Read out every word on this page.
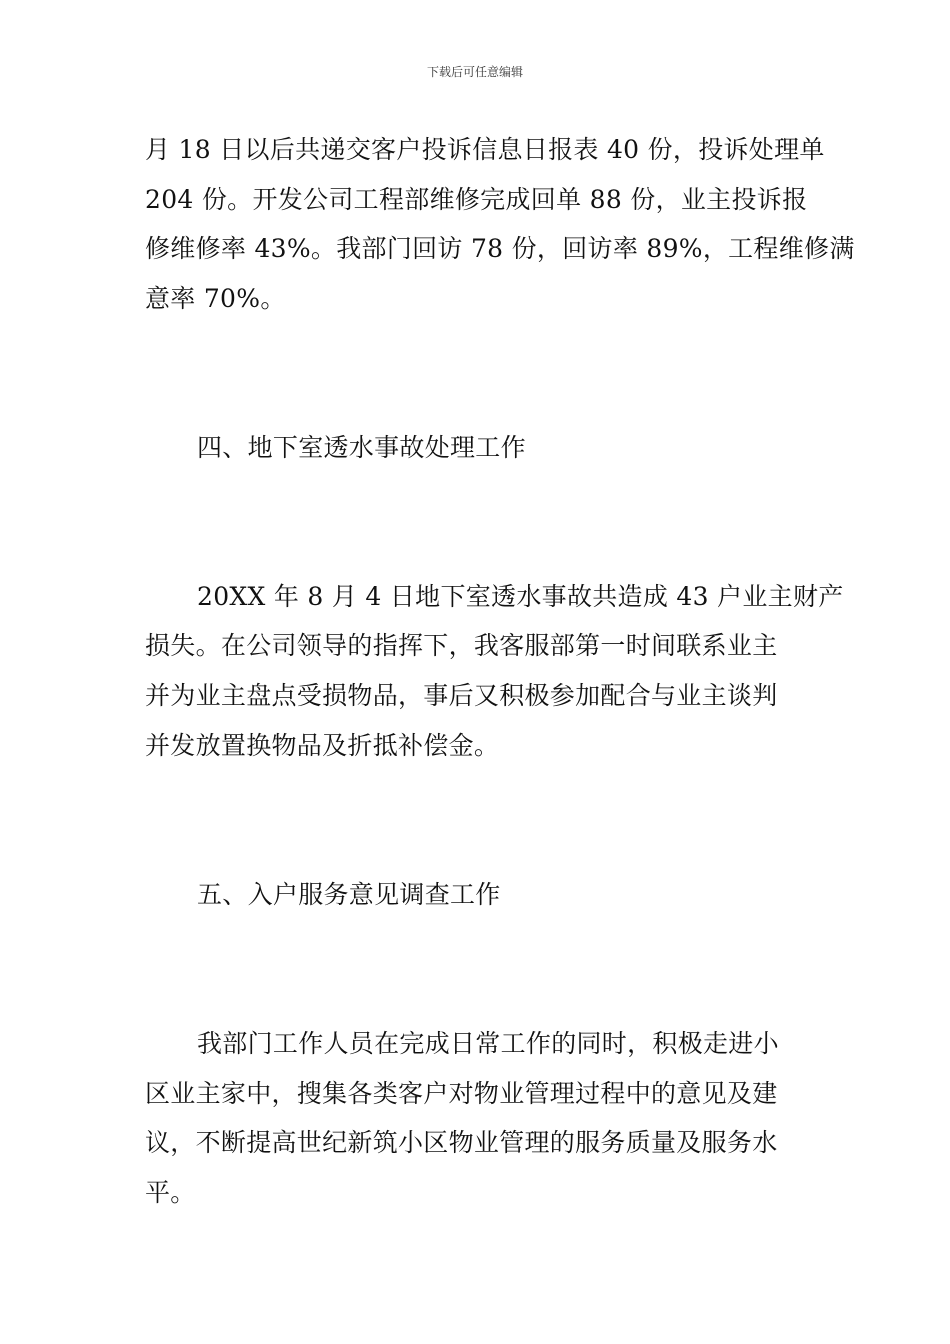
下载后可任意编辑
月 18 日以后共递交客户投诉信息日报表 40 份，投诉处理单
204 份。开发公司工程部维修完成回单 88 份，业主投诉报
修维修率 43%。我部门回访 78 份，回访率 89%，工程维修满
意率 70%。
四、地下室透水事故处理工作
20XX 年 8 月 4 日地下室透水事故共造成 43 户业主财产
损失。在公司领导的指挥下，我客服部第一时间联系业主
并为业主盘点受损物品，事后又积极参加配合与业主谈判
并发放置换物品及折抵补偿金。
五、入户服务意见调查工作
我部门工作人员在完成日常工作的同时，积极走进小
区业主家中，搜集各类客户对物业管理过程中的意见及建
议，不断提高世纪新筑小区物业管理的服务质量及服务水
平。
